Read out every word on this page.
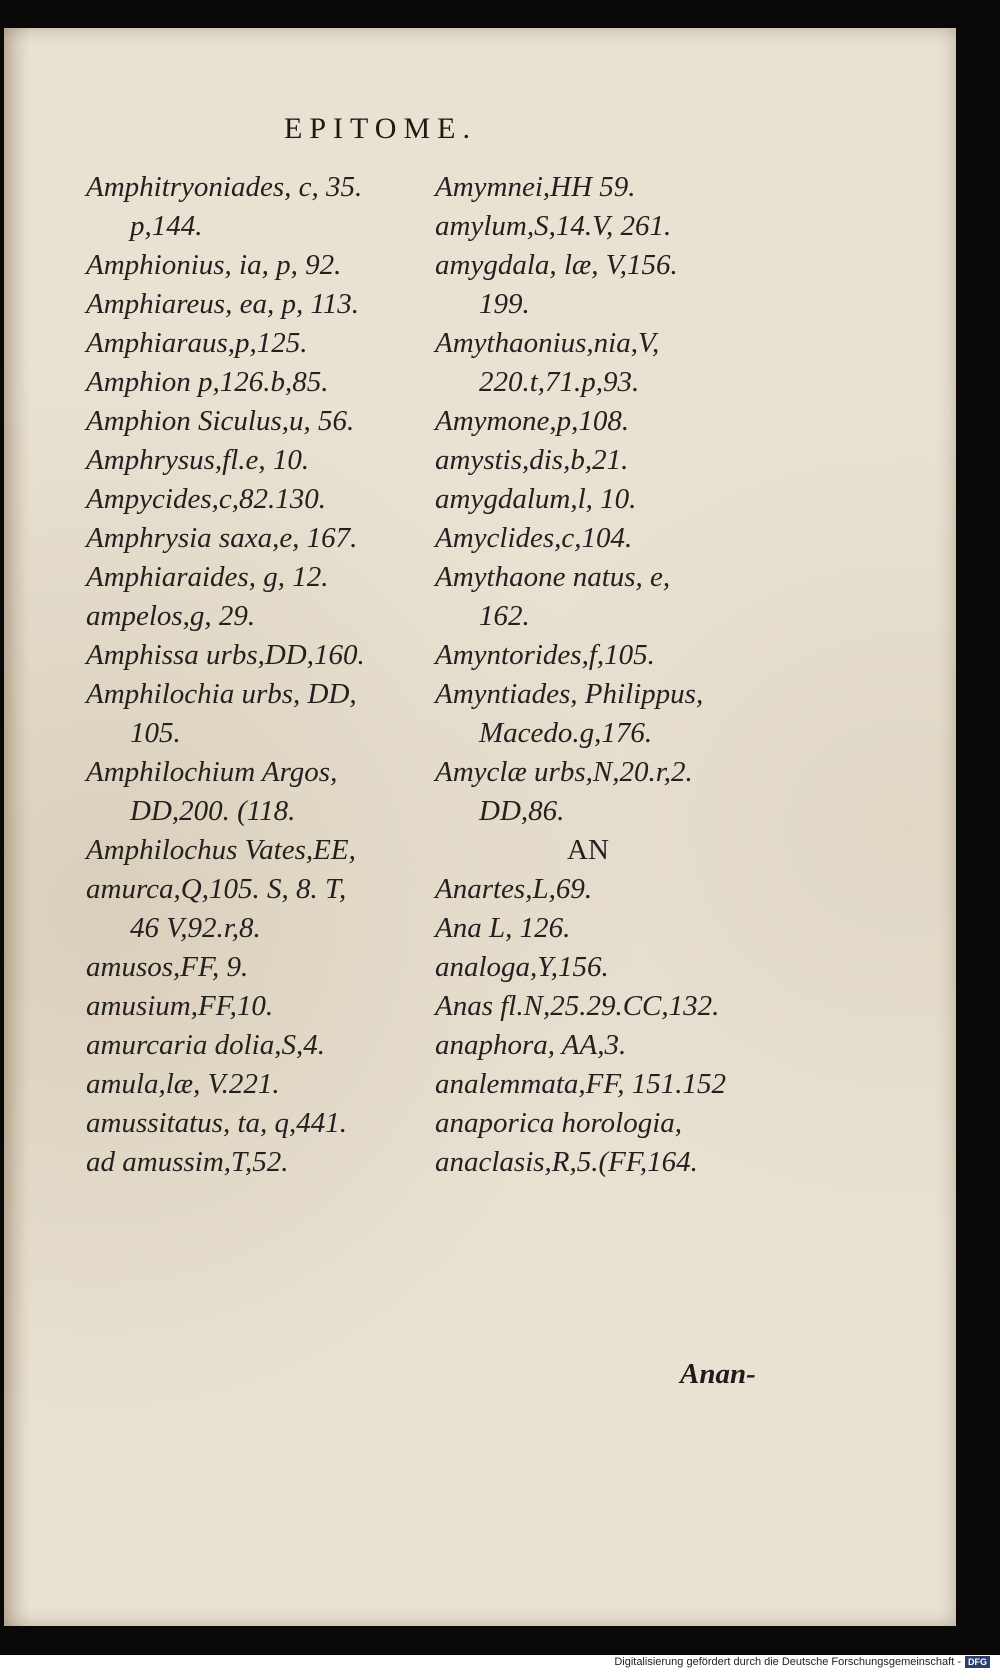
EPITOME.
Amphitryoniades, c, 35.
p,144.
Amphionius, ia, p, 92.
Amphiareus, ea, p, 113.
Amphiaraus,p,125.
Amphion p,126.b,85.
Amphion Siculus,u, 56.
Amphrysus,fl.e, 10.
Ampycides,c,82.130.
Amphrysia saxa,e, 167.
Amphiaraides, g, 12.
ampelos,g, 29.
Amphissa urbs,DD,160.
Amphilochia urbs, DD,
105.
Amphilochium Argos,
DD,200. (118.
Amphilochus Vates,EE,
amurca,Q,105. S, 8. T,
46 V,92.r,8.
amusos,FF, 9.
amusium,FF,10.
amurcaria dolia,S,4.
amula,læ, V.221.
amussitatus, ta, q,441.
ad amussim,T,52.
Amymnei,HH 59.
amylum,S,14.V, 261.
amygdala, læ, V,156.
199.
Amythaonius,nia,V,
220.t,71.p,93.
Amymone,p,108.
amystis,dis,b,21.
amygdalum,l, 10.
Amyclides,c,104.
Amythaone natus, e,
162.
Amyntorides,f,105.
Amyntiades, Philippus,
Macedo.g,176.
Amyclæ urbs,N,20.r,2.
DD,86.
AN
Anartes,L,69.
Ana L, 126.
analoga,Y,156.
Anas fl.N,25.29.CC,132.
anaphora, AA,3.
analemmata,FF, 151.152
anaporica horologia,
anaclasis,R,5.(FF,164.
Anan-
Digitalisierung gefördert durch die Deutsche Forschungsgemeinschaft - DFG
